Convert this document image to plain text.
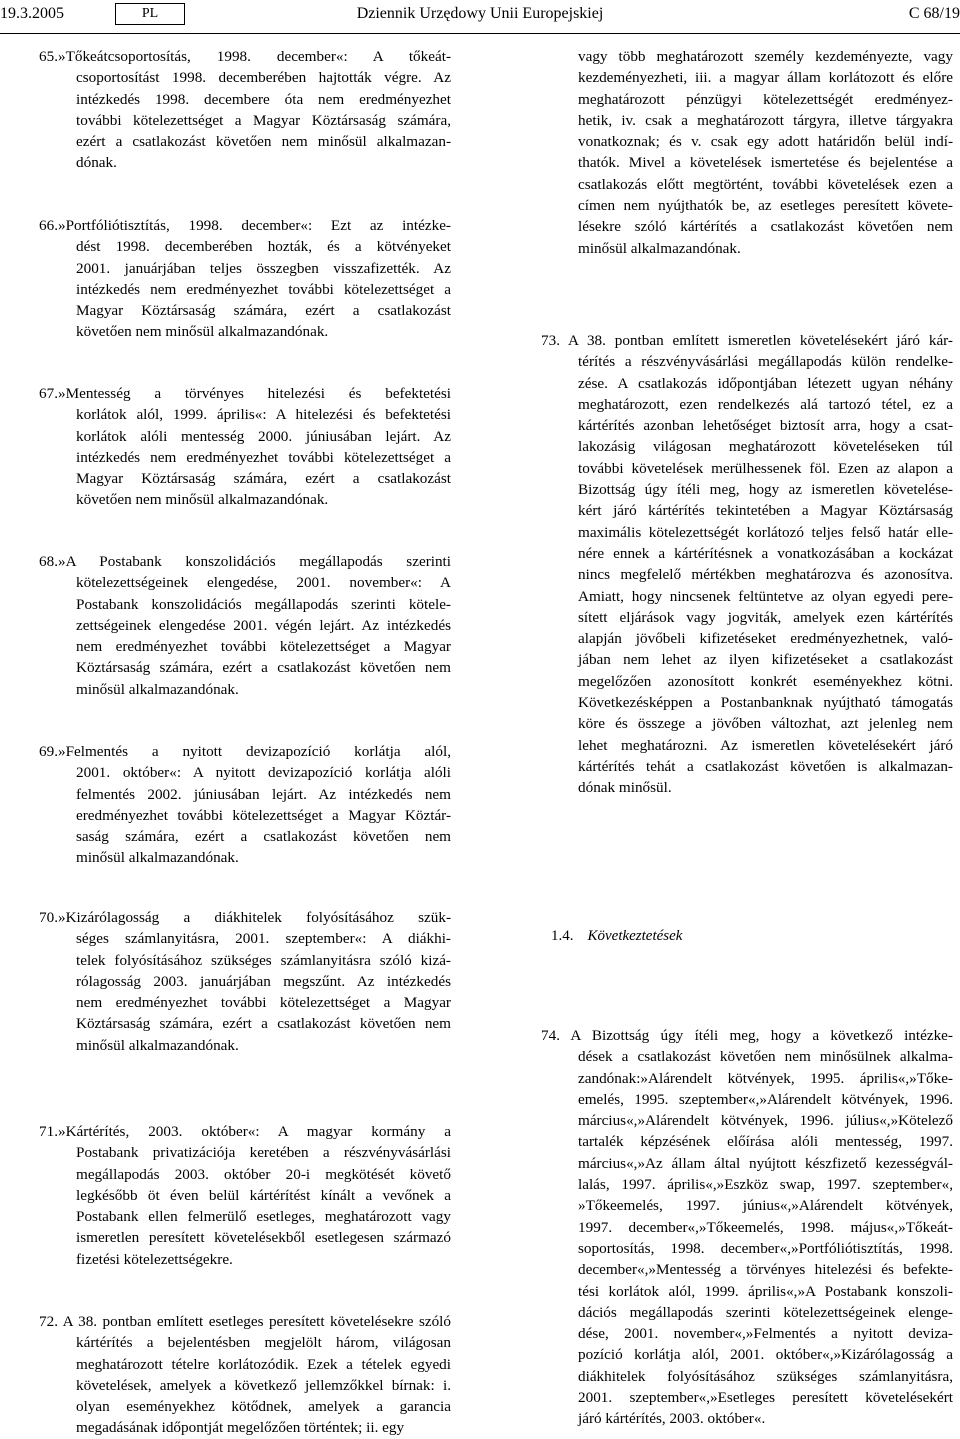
19.3.2005	PL	Dziennik Urzędowy Unii Europejskiej	C 68/19
65.»Tőkeátcsoportosítás, 1998. december«: A tőkeát-
csoportosítást 1998. decemberében hajtották végre. Az
intézkedés 1998. decembere óta nem eredményezhet
további kötelezettséget a Magyar Köztársaság számára,
ezért a csatlakozást követően nem minősül alkalmazan-
dónak.
66.»Portfóliótisztítás, 1998. december«: Ezt az intézke-
dést 1998. decemberében hozták, és a kötvényeket
2001. januárjában teljes összegben visszafizették. Az
intézkedés nem eredményezhet további kötelezettséget a
Magyar Köztársaság számára, ezért a csatlakozást
követően nem minősül alkalmazandónak.
67.»Mentesség a törvényes hitelezési és befektetési
korlátok alól, 1999. április«: A hitelezési és befektetési
korlátok alóli mentesség 2000. júniusában lejárt. Az
intézkedés nem eredményezhet további kötelezettséget a
Magyar Köztársaság számára, ezért a csatlakozást
követően nem minősül alkalmazandónak.
68.»A Postabank konszolidációs megállapodás szerinti
kötelezettségeinek elengedése, 2001. november«: A
Postabank konszolidációs megállapodás szerinti kötele-
zettségeinek elengedése 2001. végén lejárt. Az intézkedés
nem eredményezhet további kötelezettséget a Magyar
Köztársaság számára, ezért a csatlakozást követően nem
minősül alkalmazandónak.
69.»Felmentés a nyitott devizapozíció korlátja alól,
2001. október«: A nyitott devizapozíció korlátja alóli
felmentés 2002. júniusában lejárt. Az intézkedés nem
eredményezhet további kötelezettséget a Magyar Köztár-
saság számára, ezért a csatlakozást követően nem
minősül alkalmazandónak.
70.»Kizárólagosság a diákhitelek folyósításához szük-
séges számlanyitásra, 2001. szeptember«: A diákhi-
telek folyósításához szükséges számlanyitásra szóló kizá-
rólagosság 2003. januárjában megszűnt. Az intézkedés
nem eredményezhet további kötelezettséget a Magyar
Köztársaság számára, ezért a csatlakozást követően nem
minősül alkalmazandónak.
71.»Kártérítés, 2003. október«: A magyar kormány a
Postabank privatizációja keretében a részvényvásárlási
megállapodás 2003. október 20-i megkötését követő
legkésőbb öt éven belül kártérítést kínált a vevőnek a
Postabank ellen felmerülő esetleges, meghatározott vagy
ismeretlen peresített követelésekből esetlegesen származó
fizetési kötelezettségekre.
72. A 38. pontban említett esetleges peresített követelésekre szóló
kártérítés a bejelentésben megjelölt három, világosan
meghatározott tételre korlátozódik. Ezek a tételek egyedi
követelések, amelyek a következő jellemzőkkel bírnak: i.
olyan eseményekhez kötődnek, amelyek a garancia
megadásának időpontját megelőzően történtek; ii. egy
vagy több meghatározott személy kezdeményezte, vagy
kezdeményezheti, iii. a magyar állam korlátozott és előre
meghatározott pénzügyi kötelezettségét eredményez-
hetik, iv. csak a meghatározott tárgyra, illetve tárgyakra
vonatkoznak; és v. csak egy adott határidőn belül indí-
thatók. Mivel a követelések ismertetése és bejelentése a
csatlakozás előtt megtörtént, további követelések ezen a
címen nem nyújthatók be, az esetleges peresített követe-
lésekre szóló kártérítés a csatlakozást követően nem
minősül alkalmazandónak.
73. A 38. pontban említett ismeretlen követelésekért járó kár-
térítés a részvényvásárlási megállapodás külön rendelke-
zése. A csatlakozás időpontjában létezett ugyan néhány
meghatározott, ezen rendelkezés alá tartozó tétel, ez a
kártérítés azonban lehetőséget biztosít arra, hogy a csat-
lakozásig világosan meghatározott követeléseken túl
további követelések merülhessenek föl. Ezen az alapon a
Bizottság úgy ítéli meg, hogy az ismeretlen követelése-
kért járó kártérítés tekintetében a Magyar Köztársaság
maximális kötelezettségét korlátozó teljes felső határ elle-
nére ennek a kártérítésnek a vonatkozásában a kockázat
nincs megfelelő mértékben meghatározva és azonosítva.
Amiatt, hogy nincsenek feltüntetve az olyan egyedi pere-
sített eljárások vagy jogviták, amelyek ezen kártérítés
alapján jövőbeli kifizetéseket eredményezhetnek, való-
jában nem lehet az ilyen kifizetéseket a csatlakozást
megelőzően azonosított konkrét eseményekhez kötni.
Következésképpen a Postanbanknak nyújtható támogatás
köre és összege a jövőben változhat, azt jelenleg nem
lehet meghatározni. Az ismeretlen követelésekért járó
kártérítés tehát a csatlakozást követően is alkalmazan-
dónak minősül.
1.4. Következtetések
74. A Bizottság úgy ítéli meg, hogy a következő intézke-
dések a csatlakozást követően nem minősülnek alkalma-
zandónak:»Alárendelt kötvények, 1995. április«,»Tőke-
emelés, 1995. szeptember«,»Alárendelt kötvények, 1996.
március«,»Alárendelt kötvények, 1996. július«,»Kötelező
tartalék képzésének előírása alóli mentesség, 1997.
március«,»Az állam által nyújtott készfizető kezességvál-
lalás, 1997. április«,»Eszköz swap, 1997. szeptember«,
»Tőkeemelés, 1997. június«,»Alárendelt kötvények,
1997. december«,»Tőkeemelés, 1998. május«,»Tőkeát-
soportosítás, 1998. december«,»Portfóliótisztítás, 1998.
december«,»Mentesség a törvényes hitelezési és befekte-
tési korlátok alól, 1999. április«,»A Postabank konszoli-
dációs megállapodás szerinti kötelezettségeinek elenge-
dése, 2001. november«,»Felmentés a nyitott deviza-
pozíció korlátja alól, 2001. október«,»Kizárólagosság a
diákhitelek folyósításához szükséges számlanyitásra,
2001. szeptember«,»Esetleges peresített követelésekért
járó kártérítés, 2003. október«.
